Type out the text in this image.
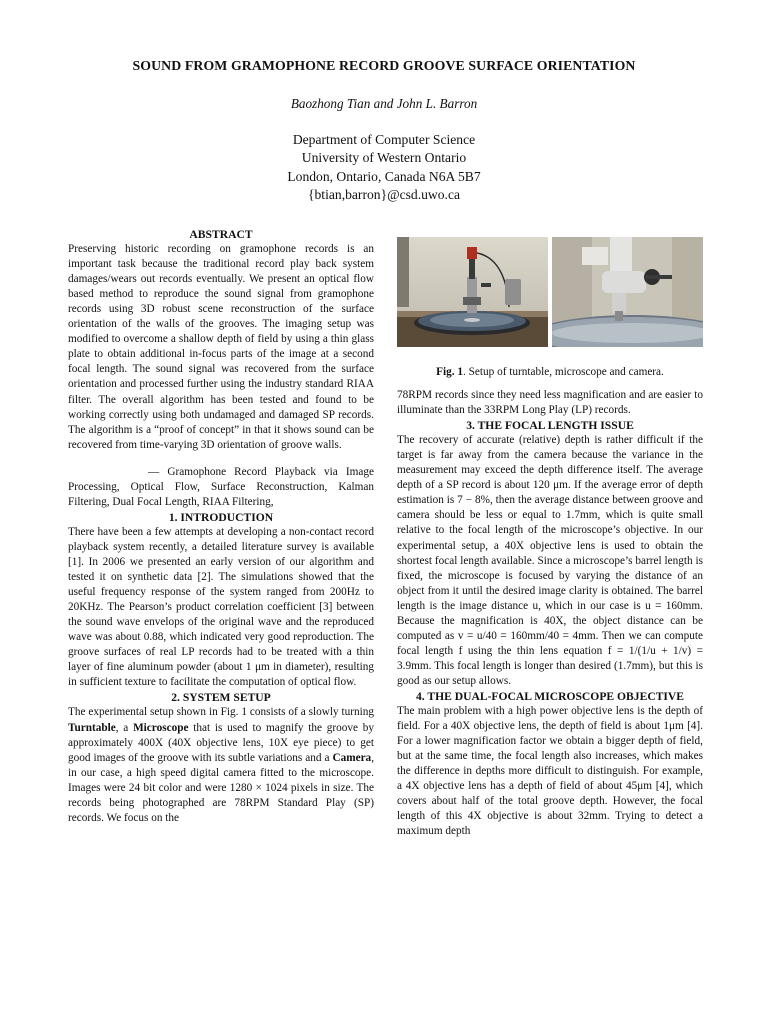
SOUND FROM GRAMOPHONE RECORD GROOVE SURFACE ORIENTATION
Baozhong Tian and John L. Barron
Department of Computer Science
University of Western Ontario
London, Ontario, Canada N6A 5B7
{btian,barron}@csd.uwo.ca
ABSTRACT

Preserving historic recording on gramophone records is an important task because the traditional record play back system damages/wears out records eventually. We present an optical flow based method to reproduce the sound signal from gramophone records using 3D robust scene reconstruction of the surface orientation of the walls of the grooves. The imaging setup was modified to overcome a shallow depth of field by using a thin glass plate to obtain additional in-focus parts of the image at a second focal length. The sound signal was recovered from the surface orientation and processed further using the industry standard RIAA filter. The overall algorithm has been tested and found to be working correctly using both undamaged and damaged SP records. The algorithm is a “proof of concept” in that it shows sound can be recovered from time-varying 3D orientation of groove walls.

— Gramophone Record Playback via Image Processing, Optical Flow, Surface Reconstruction, Kalman Filtering, Dual Focal Length, RIAA Filtering,

1. INTRODUCTION

There have been a few attempts at developing a non-contact record playback system recently, a detailed literature survey is available [1]. In 2006 we presented an early version of our algorithm and tested it on synthetic data [2]. The simulations showed that the useful frequency response of the system ranged from 200Hz to 20KHz. The Pearson’s product correlation coefficient [3] between the sound wave envelops of the original wave and the reproduced wave was about 0.88, which indicated very good reproduction. The groove surfaces of real LP records had to be treated with a thin layer of fine aluminum powder (about 1 μm in diameter), resulting in sufficient texture to facilitate the computation of optical flow.

2. SYSTEM SETUP

The experimental setup shown in Fig. 1 consists of a slowly turning Turntable, a Microscope that is used to magnify the groove by approximately 400X (40X objective lens, 10X eye piece) to get good images of the groove with its subtle variations and a Camera, in our case, a high speed digital camera fitted to the microscope. Images were 24 bit color and were 1280 × 1024 pixels in size. The records being photographed are 78RPM Standard Play (SP) records. We focus on the

Fig. 1. Setup of turntable, microscope and camera.

78RPM records since they need less magnification and are easier to illuminate than the 33RPM Long Play (LP) records.

3. THE FOCAL LENGTH ISSUE

The recovery of accurate (relative) depth is rather difficult if the target is far away from the camera because the variance in the measurement may exceed the depth difference itself. The average depth of a SP record is about 120 μm. If the average error of depth estimation is 7 − 8%, then the average distance between groove and camera should be less or equal to 1.7mm, which is quite small relative to the focal length of the microscope’s objective. In our experimental setup, a 40X objective lens is used to obtain the shortest focal length available. Since a microscope’s barrel length is fixed, the microscope is focused by varying the distance of an object from it until the desired image clarity is obtained. The barrel length is the image distance u, which in our case is u = 160mm. Because the magnification is 40X, the object distance can be computed as v = u/40 = 160mm/40 = 4mm. Then we can compute focal length f using the thin lens equation f = 1/(1/u + 1/v) = 3.9mm. This focal length is longer than desired (1.7mm), but this is good as our setup allows.

4. THE DUAL-FOCAL MICROSCOPE OBJECTIVE

The main problem with a high power objective lens is the depth of field. For a 40X objective lens, the depth of field is about 1μm [4]. For a lower magnification factor we obtain a bigger depth of field, but at the same time, the focal length also increases, which makes the difference in depths more difficult to distinguish. For example, a 4X objective lens has a depth of field of about 45μm [4], which covers about half of the total groove depth. However, the focal length of this 4X objective is about 32mm. Trying to detect a maximum depth
